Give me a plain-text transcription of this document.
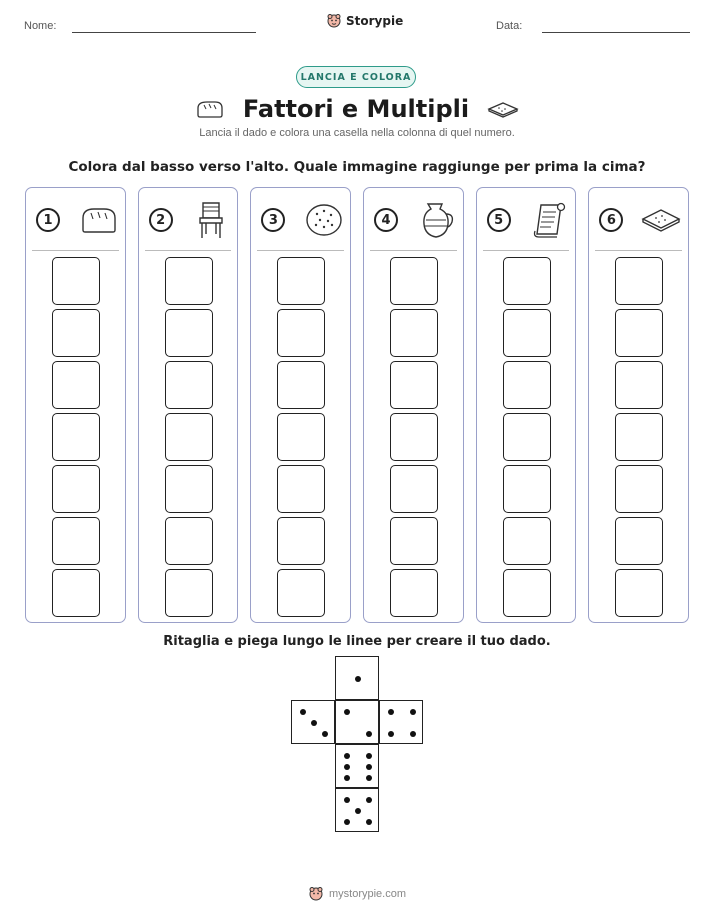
Nome:	Storypie	Data:
LANCIA E COLORA
Fattori e Multipli
Lancia il dado e colora una casella nella colonna di quel numero.
Colora dal basso verso l'alto. Quale immagine raggiunge per prima la cima?
1	2	3	4	5	6
Ritaglia e piega lungo le linee per creare il tuo dado.
mystorypie.com
